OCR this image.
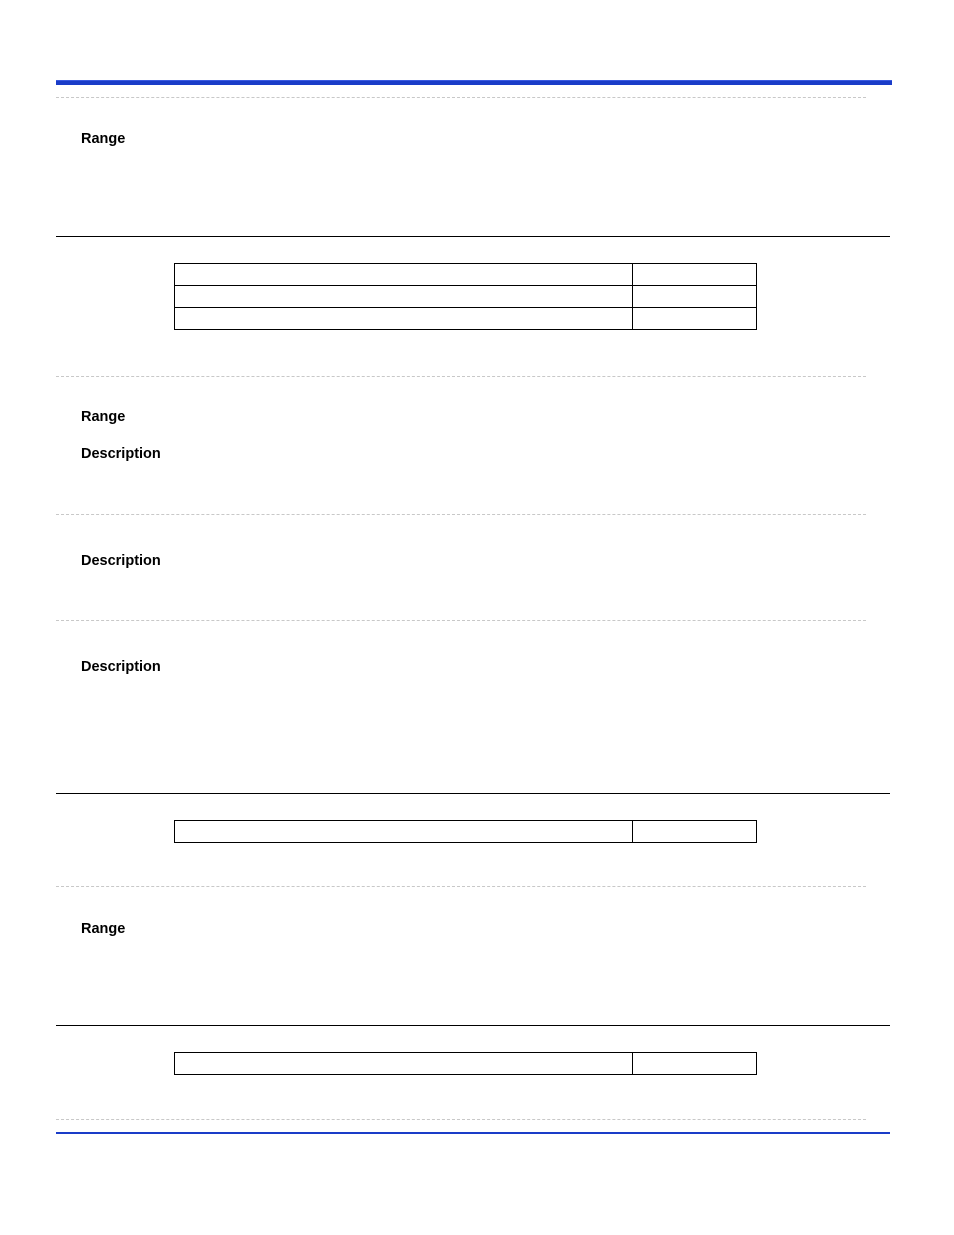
Range

Range
Description
Description
Description

Range
